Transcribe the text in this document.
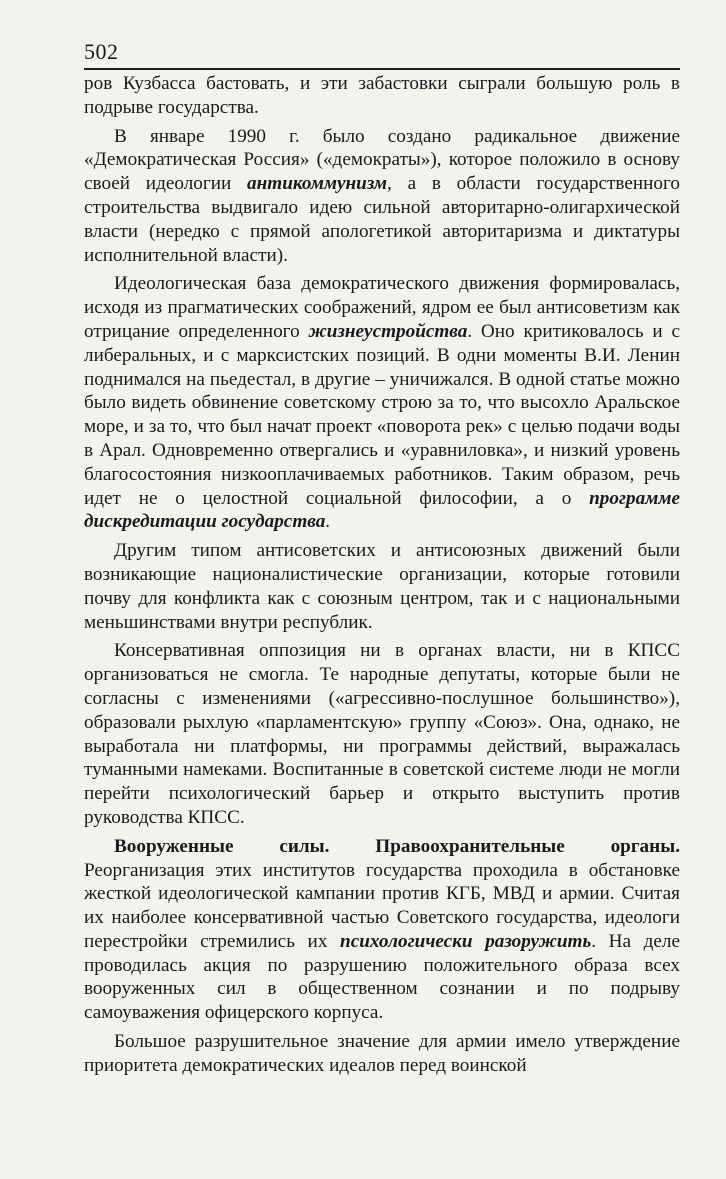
502

ров Кузбасса бастовать, и эти забастовки сыграли большую роль в подрыве государства.

В январе 1990 г. было создано радикальное движение «Демократическая Россия» («демократы»), которое положило в основу своей идеологии антикоммунизм, а в области государственного строительства выдвигало идею сильной авторитарно-олигархической власти (нередко с прямой апологетикой авторитаризма и диктатуры исполнительной власти).

Идеологическая база демократического движения формировалась, исходя из прагматических соображений, ядром ее был антисоветизм как отрицание определенного жизнеустройства. Оно критиковалось и с либеральных, и с марксистских позиций. В одни моменты В.И. Ленин поднимался на пьедестал, в другие – уничижался. В одной статье можно было видеть обвинение советскому строю за то, что высохло Аральское море, и за то, что был начат проект «поворота рек» с целью подачи воды в Арал. Одновременно отвергались и «уравниловка», и низкий уровень благосостояния низкооплачиваемых работников. Таким образом, речь идет не о целостной социальной философии, а о программе дискредитации государства.

Другим типом антисоветских и антисоюзных движений были возникающие националистические организации, которые готовили почву для конфликта как с союзным центром, так и с национальными меньшинствами внутри республик.

Консервативная оппозиция ни в органах власти, ни в КПСС организоваться не смогла. Те народные депутаты, которые были не согласны с изменениями («агрессивно-послушное большинство»), образовали рыхлую «парламентскую» группу «Союз». Она, однако, не выработала ни платформы, ни программы действий, выражалась туманными намеками. Воспитанные в советской системе люди не могли перейти психологический барьер и открыто выступить против руководства КПСС.

Вооруженные силы. Правоохранительные органы. Реорганизация этих институтов государства проходила в обстановке жесткой идеологической кампании против КГБ, МВД и армии. Считая их наиболее консервативной частью Советского государства, идеологи перестройки стремились их психологически разоружить. На деле проводилась акция по разрушению положительного образа всех вооруженных сил в общественном сознании и по подрыву самоуважения офицерского корпуса.

Большое разрушительное значение для армии имело утверждение приоритета демократических идеалов перед воинской
